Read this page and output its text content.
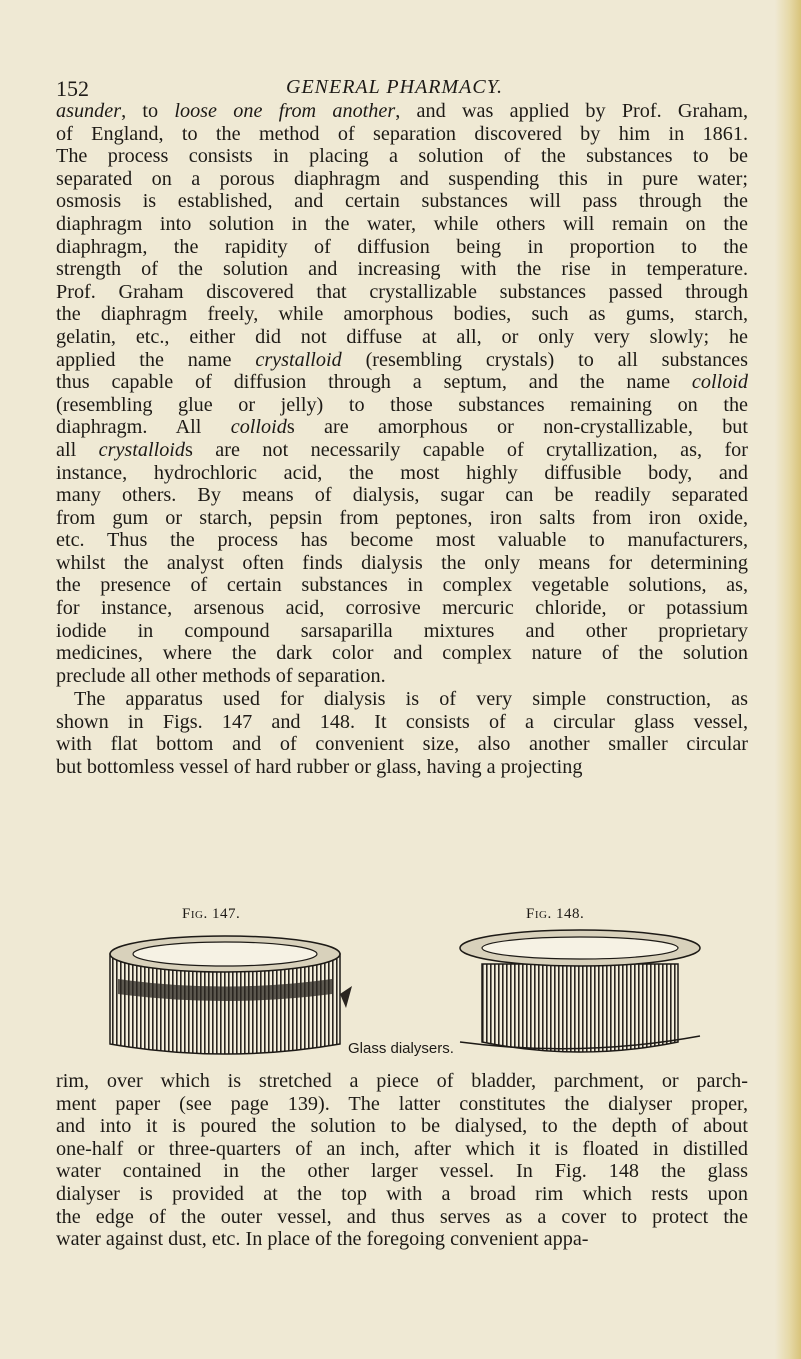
152	GENERAL PHARMACY.
asunder, to loose one from another, and was applied by Prof. Graham,
of England, to the method of separation discovered by him in 1861.
The process consists in placing a solution of the substances to be
separated on a porous diaphragm and suspending this in pure water;
osmosis is established, and certain substances will pass through the
diaphragm into solution in the water, while others will remain on the
diaphragm, the rapidity of diffusion being in proportion to the
strength of the solution and increasing with the rise in temperature.
Prof. Graham discovered that crystallizable substances passed through
the diaphragm freely, while amorphous bodies, such as gums, starch,
gelatin, etc., either did not diffuse at all, or only very slowly; he
applied the name crystalloid (resembling crystals) to all substances
thus capable of diffusion through a septum, and the name colloid
(resembling glue or jelly) to those substances remaining on the
diaphragm. All colloids are amorphous or non-crystallizable, but
all crystalloids are not necessarily capable of crytallization, as, for
instance, hydrochloric acid, the most highly diffusible body, and
many others. By means of dialysis, sugar can be readily separated
from gum or starch, pepsin from peptones, iron salts from iron oxide,
etc. Thus the process has become most valuable to manufacturers,
whilst the analyst often finds dialysis the only means for determining
the presence of certain substances in complex vegetable solutions, as,
for instance, arsenous acid, corrosive mercuric chloride, or potassium
iodide in compound sarsaparilla mixtures and other proprietary
medicines, where the dark color and complex nature of the solution
preclude all other methods of separation.
The apparatus used for dialysis is of very simple construction, as
shown in Figs. 147 and 148. It consists of a circular glass vessel,
with flat bottom and of convenient size, also another smaller circular
but bottomless vessel of hard rubber or glass, having a projecting
Fig. 147.	Fig. 148.
Glass dialysers.
rim, over which is stretched a piece of bladder, parchment, or parch-
ment paper (see page 139). The latter constitutes the dialyser proper,
and into it is poured the solution to be dialysed, to the depth of about
one-half or three-quarters of an inch, after which it is floated in distilled
water contained in the other larger vessel. In Fig. 148 the glass
dialyser is provided at the top with a broad rim which rests upon
the edge of the outer vessel, and thus serves as a cover to protect the
water against dust, etc. In place of the foregoing convenient appa-
